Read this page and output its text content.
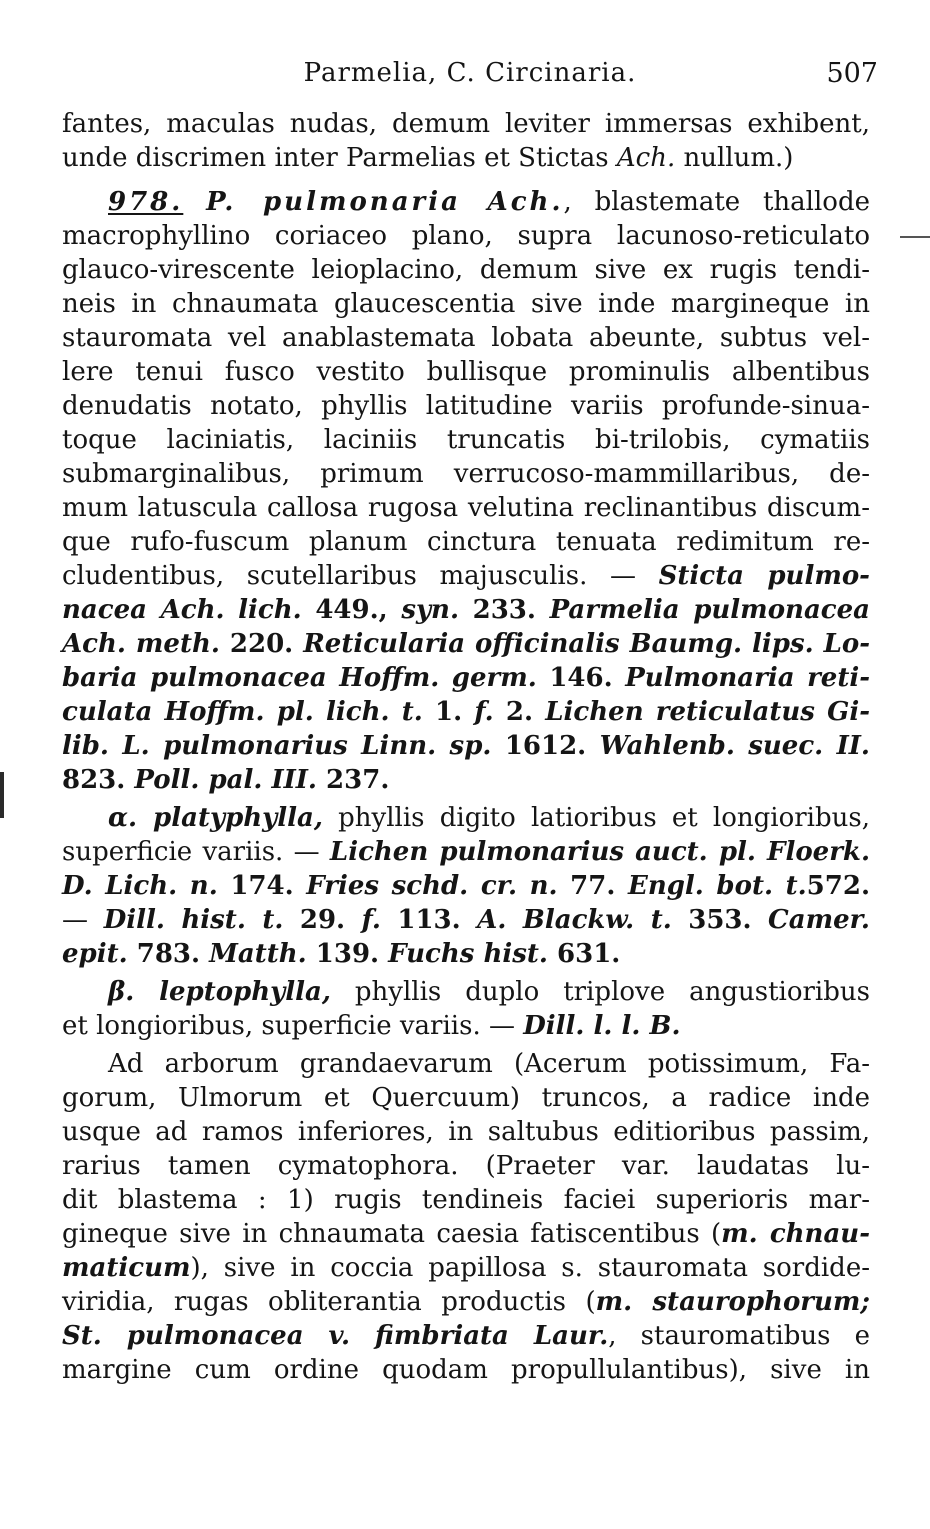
Parmelia, C. Circinaria.	507
fantes, maculas nudas, demum leviter immersas exhibent,
unde discrimen inter Parmelias et Stictas Ach. nullum.)
978. P. pulmonaria Ach., blastemate thallode
macrophyllino coriaceo plano, supra lacunoso-reticulato
glauco-virescente leioplacino, demum sive ex rugis tendi-
neis in chnaumata glaucescentia sive inde margineque in
stauromata vel anablastemata lobata abeunte, subtus vel-
lere tenui fusco vestito bullisque prominulis albentibus
denudatis notato, phyllis latitudine variis profunde-sinua-
toque laciniatis, laciniis truncatis bi-trilobis, cymatiis
submarginalibus, primum verrucoso-mammillaribus, de-
mum latuscula callosa rugosa velutina reclinantibus discum-
que rufo-fuscum planum cinctura tenuata redimitum re-
cludentibus, scutellaribus majusculis. — Sticta pulmo-
nacea Ach. lich. 449., syn. 233. Parmelia pulmonacea
Ach. meth. 220. Reticularia officinalis Baumg. lips. Lo-
baria pulmonacea Hoffm. germ. 146. Pulmonaria reti-
culata Hoffm. pl. lich. t. 1. f. 2. Lichen reticulatus Gi-
lib. L. pulmonarius Linn. sp. 1612. Wahlenb. suec. II.
823. Poll. pal. III. 237.
α. platyphylla, phyllis digito latioribus et longioribus,
superficie variis. — Lichen pulmonarius auct. pl. Floerk.
D. Lich. n. 174. Fries schd. cr. n. 77. Engl. bot. t.572.
— Dill. hist. t. 29. f. 113. A. Blackw. t. 353. Camer.
epit. 783. Matth. 139. Fuchs hist. 631.
β. leptophylla, phyllis duplo triplove angustioribus
et longioribus, superficie variis. — Dill. l. l. B.
Ad arborum grandaevarum (Acerum potissimum, Fa-
gorum, Ulmorum et Quercuum) truncos, a radice inde
usque ad ramos inferiores, in saltubus editioribus passim,
rarius tamen cymatophora. (Praeter var. laudatas lu-
dit blastema : 1) rugis tendineis faciei superioris mar-
gineque sive in chnaumata caesia fatiscentibus (m. chnau-
maticum), sive in coccia papillosa s. stauromata sordide-
viridia, rugas obliterantia productis (m. staurophorum;
St. pulmonacea v. fimbriata Laur., stauromatibus e
margine cum ordine quodam propullulantibus), sive in
